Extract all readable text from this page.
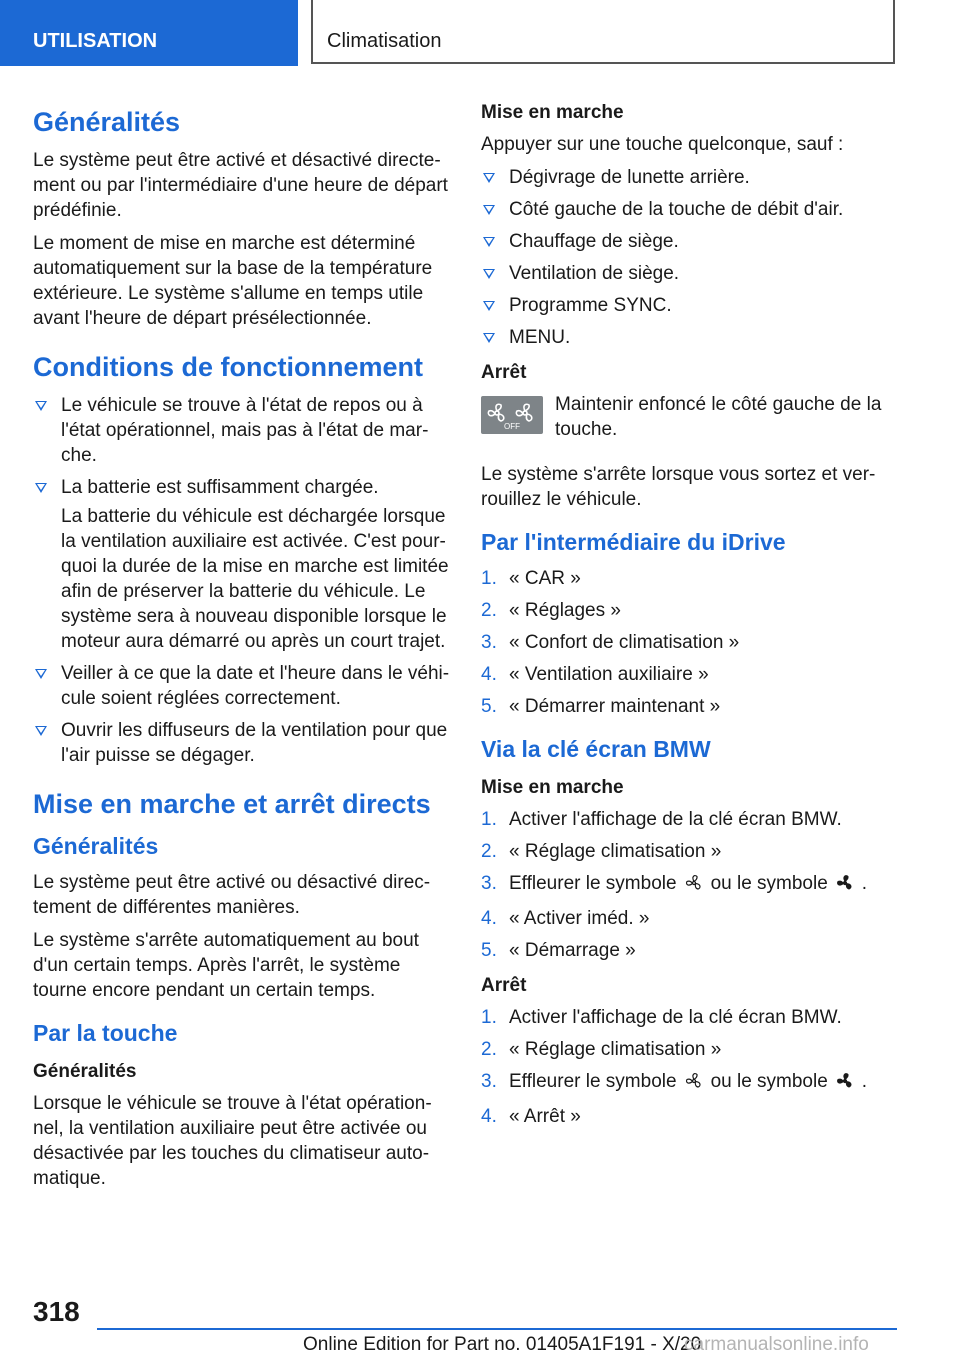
UTILISATION	Climatisation
Généralités

Le système peut être activé et désactivé directement ou par l'intermédiaire d'une heure de départ prédéfinie.

Le moment de mise en marche est déterminé automatiquement sur la base de la température extérieure. Le système s'allume en temps utile avant l'heure de départ présélectionnée.

Conditions de fonctionnement
Le véhicule se trouve à l'état de repos ou à l'état opérationnel, mais pas à l'état de marche.
La batterie est suffisamment chargée.
La batterie du véhicule est déchargée lorsque la ventilation auxiliaire est activée. C'est pourquoi la durée de la mise en marche est limitée afin de préserver la batterie du véhicule. Le système sera à nouveau disponible lorsque le moteur aura démarré ou après un court trajet.
Veiller à ce que la date et l'heure dans le véhicule soient réglées correctement.
Ouvrir les diffuseurs de la ventilation pour que l'air puisse se dégager.
Mise en marche et arrêt directs
Généralités

Le système peut être activé ou désactivé directement de différentes manières.

Le système s'arrête automatiquement au bout d'un certain temps. Après l'arrêt, le système tourne encore pendant un certain temps.

Par la touche
Généralités

Lorsque le véhicule se trouve à l'état opérationnel, la ventilation auxiliaire peut être activée ou désactivée par les touches du climatiseur automatique.

Mise en marche

Appuyer sur une touche quelconque, sauf :

Dégivrage de lunette arrière.
Côté gauche de la touche de débit d'air.
Chauffage de siège.
Ventilation de siège.
Programme SYNC.
MENU.
Arrêt
OFF
Maintenir enfoncé le côté gauche de la touche.

Le système s'arrête lorsque vous sortez et verrouillez le véhicule.

Par l'intermédiaire du iDrive
1. « CAR »
2. « Réglages »
3. « Confort de climatisation »
4. « Ventilation auxiliaire »
5. « Démarrer maintenant »
Via la clé écran BMW
Mise en marche
1. Activer l'affichage de la clé écran BMW.
2. « Réglage climatisation »
3. Effleurer le symbole ou le symbole .
4. « Activer iméd. »
5. « Démarrage »
Arrêt
1. Activer l'affichage de la clé écran BMW.
2. « Réglage climatisation »
3. Effleurer le symbole ou le symbole .
4. « Arrêt »
318
Online Edition for Part no. 01405A1F191 - X/20
carmanualsonline.info
